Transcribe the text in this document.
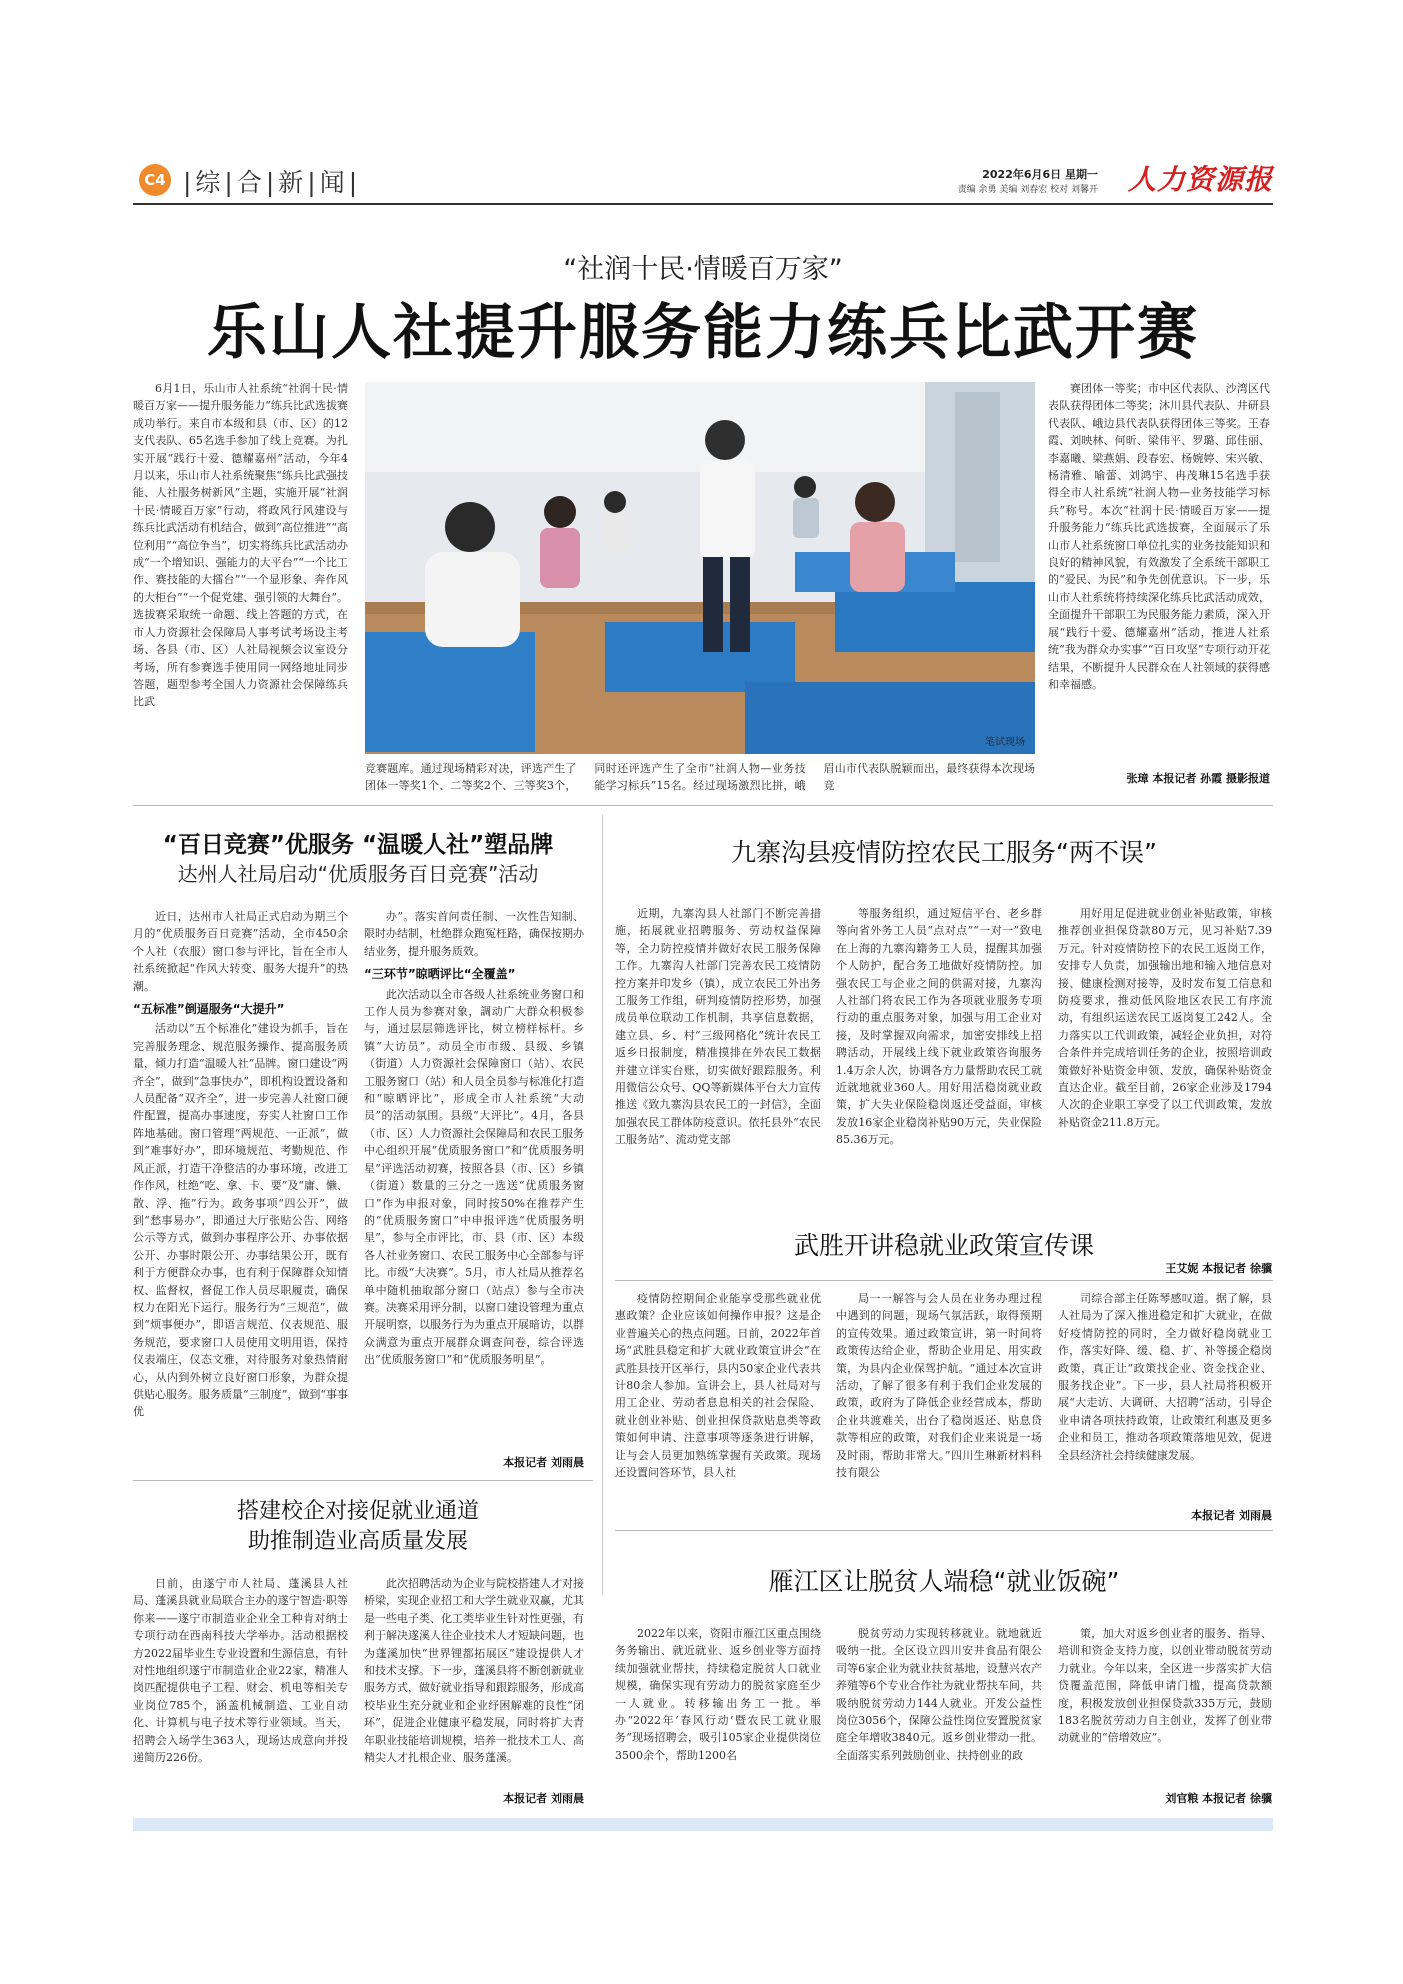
C4 |综|合|新|闻|	2022年6月6日 星期一
责编 余勇 美编 刘春宏 校对 刘馨开 人力资源报
“社润十民·情暖百万家”
乐山人社提升服务能力练兵比武开赛
6月1日，乐山市人社系统“社润十民·情暖百万家——提升服务能力”练兵比武选拔赛成功举行。来自市本级和县（市、区）的12支代表队、65名选手参加了线上竞赛。为扎实开展“践行十爱、德耀嘉州”活动，今年4月以来，乐山市人社系统聚焦“练兵比武强技能、人社服务树新风”主题，实施开展“社润十民·情暖百万家”行动，将政风行风建设与练兵比武活动有机结合，做到“高位推进”“高位利用”“高位争当”，切实将练兵比武活动办成“一个增知识、强能力的大平台”“一个比工作、赛技能的大擂台”“一个显形象、奔作风的大柜台”“一个促党建、强引领的大舞台”。选拔赛采取统一命题、线上答题的方式，在市人力资源社会保障局人事考试考场设主考场、各县（市、区）人社局视频会议室设分考场，所有参赛选手使用同一网络地址同步答题，题型参考全国人力资源社会保障练兵比武
笔试现场
竞赛题库。通过现场精彩对决，评选产生了团体一等奖1个、二等奖2个、三等奖3个，同时还评选产生了全市“社润人物—业务技能学习标兵”15名。经过现场激烈比拼，峨眉山市代表队脱颖而出，最终获得本次现场竞
赛团体一等奖；市中区代表队、沙湾区代表队获得团体二等奖；沐川县代表队、井研县代表队、峨边县代表队获得团体三等奖。王春霞、刘映林、何昕、梁伟平、罗璐、邱佳丽、李嘉曦、梁燕娟、段春宏、杨婉婷、宋兴敏、杨清雅、喻蕾、刘鸿宇、冉茂琳15名选手获得全市人社系统“社润人物—业务技能学习标兵”称号。本次“社润十民·情暖百万家——提升服务能力”练兵比武选拔赛，全面展示了乐山市人社系统窗口单位扎实的业务技能知识和良好的精神风貌，有效激发了全系统干部职工的“爱民、为民”和争先创优意识。下一步，乐山市人社系统将持续深化练兵比武活动成效，全面提升干部职工为民服务能力素质，深入开展“践行十爱、德耀嘉州”活动，推进人社系统“我为群众办实事”“百日攻坚”专项行动开花结果，不断提升人民群众在人社领域的获得感和幸福感。
张璋 本报记者 孙霞 摄影报道
“百日竞赛”优服务 “温暖人社”塑品牌
达州人社局启动“优质服务百日竞赛”活动

近日，达州市人社局正式启动为期三个月的“优质服务百日竞赛”活动，全市450余个人社（农服）窗口参与评比，旨在全市人社系统掀起“作风大转变、服务大提升”的热潮。

“五标准”倒逼服务“大提升”

活动以“五个标准化”建设为抓手，旨在完善服务理念、规范服务操作、提高服务质量，倾力打造“温暖人社”品牌。窗口建设“两齐全”，做到“急事快办”，即机构设置设备和人员配备“双齐全”，进一步完善人社窗口硬件配置，提高办事速度，夯实人社窗口工作阵地基础。窗口管理“两规范、一正派”，做到“难事好办”，即环境规范、考勤规范、作风正派，打造干净整洁的办事环境，改进工作作风，杜绝“吃、拿、卡、要”及“庸、懒、散、浮、拖”行为。政务事项“四公开”，做到“愁事易办”，即通过大厅张贴公告、网络公示等方式，做到办事程序公开、办事依据公开、办事时限公开、办事结果公开，既有利于方便群众办事，也有利于保障群众知情权、监督权，督促工作人员尽职履责，确保权力在阳光下运行。服务行为“三规范”，做到“烦事便办”，即语言规范、仪表规范、服务规范，要求窗口人员使用文明用语，保持仪表端庄，仪态文雅，对待服务对象热情耐心，从内到外树立良好窗口形象，为群众提供贴心服务。服务质量“三制度”，做到“事事优

办”。落实首问责任制、一次性告知制、限时办结制，杜绝群众跑冤枉路，确保按期办结业务，提升服务质效。

“三环节”晾晒评比“全覆盖”

此次活动以全市各级人社系统业务窗口和工作人员为参赛对象，調动广大群众积极参与，通过层层筛选评比，树立榜样标杆。乡镇“大访员”。动员全市市级、县级、乡镇（街道）人力资源社会保障窗口（站）、农民工服务窗口（站）和人员全员参与标准化打造和“晾晒评比”，形成全市人社系统“大动员”的活动氛围。县级“大评比”。4月，各县（市、区）人力资源社会保障局和农民工服务中心组织开展“优质服务窗口”和“优质服务明星”评选活动初赛，按照各县（市、区）乡镇（街道）数量的三分之一选送“优质服务窗口”作为申报对象，同时按50%在推荐产生的“优质服务窗口”中申报评选“优质服务明星”，参与全市评比，市、县（市、区）本级各人社业务窗口、农民工服务中心全部参与评比。市级“大决赛”。5月，市人社局从推荐名单中随机抽取部分窗口（站点）参与全市决赛。决赛采用评分制，以窗口建设管理为重点开展明察，以服务行为为重点开展暗访，以群众满意为重点开展群众调查问卷，综合评选出“优质服务窗口”和“优质服务明星”。

本报记者 刘雨晨
搭建校企对接促就业通道
助推制造业高质量发展
日前，由遂宁市人社局、蓬溪县人社局、蓬溪县就业局联合主办的遂宁智造·职等你来——遂宁市制造业企业全工种肯对纳士专项行动在西南科技大学举办。活动根据校方2022届毕业生专业设置和生源信息，有针对性地组织遂宁市制造业企业22家，精准人岗匹配提供电子工程、财会、机电等相关专业岗位785个，涵盖机械制造、工业自动化、计算机与电子技术等行业领域。当天，招聘会入场学生363人，现场达成意向并投递简历226份。
此次招聘活动为企业与院校搭建人才对接桥梁，实现企业招工和大学生就业双赢，尤其是一些电子类、化工类毕业生针对性更强，有利于解决遂溪人往企业技术人才短缺问题，也为蓬溪加快“世界锂都拓展区”建设提供人才和技术支撑。下一步，蓬溪县将不断创新就业服务方式，做好就业指导和跟踪服务，形成高校毕业生充分就业和企业纾困解难的良性“闭环”，促进企业健康平稳发展，同时将扩大青年职业技能培训规模，培养一批技术工人、高精尖人才扎根企业、服务蓬溪。
本报记者 刘雨晨
九寨沟县疫情防控农民工服务“两不误”
近期，九寨沟县人社部门不断完善措施，拓展就业招聘服务、劳动权益保障等，全力防控疫情并做好农民工服务保障工作。九寨沟人社部门完善农民工疫情防控方案并印发乡（镇），成立农民工外出务工服务工作组，研判疫情防控形势，加强成员单位联动工作机制，共享信息数据，建立县、乡、村“三级网格化”统计农民工返乡日报制度，精准摸排在外农民工数据并建立详实台账，切实做好跟踪服务。利用微信公众号、QQ等新媒体平台大力宣传推送《致九寨沟县农民工的一封信》，全面加强农民工群体防疫意识。依托县外“农民工服务站”、流动党支部
等服务组织，通过短信平台、老乡群等向省外务工人员“点对点”“一对一”致电在上海的九寨沟籍务工人员，提醒其加强个人防护，配合务工地做好疫情防控。加强农民工与企业之间的供需对接，九寨沟人社部门将农民工作为各项就业服务专项行动的重点服务对象，加强与用工企业对接，及时掌握双向需求，加密安排线上招聘活动，开展线上线下就业政策咨询服务1.4万余人次，协调各方力量帮助农民工就近就地就业360人。用好用活稳岗就业政策，扩大失业保险稳岗返还受益面，审核发放16家企业稳岗补贴90万元，失业保险85.36万元。
用好用足促进就业创业补贴政策，审核推荐创业担保贷款80万元，见习补贴7.39万元。针对疫情防控下的农民工返岗工作，安排专人负责，加强输出地和输入地信息对接、健康检测对接等，及时发布复工信息和防疫要求，推动低风险地区农民工有序流动，有组织运送农民工返岗复工242人。全力落实以工代训政策，减轻企业负担，对符合条件并完成培训任务的企业，按照培训政策做好补贴资金申领、发放，确保补贴资金直达企业。截至目前，26家企业涉及1794人次的企业职工享受了以工代训政策，发放补贴资金211.8万元。
王艾妮 本报记者 徐骥
武胜开讲稳就业政策宣传课
疫情防控期间企业能享受那些就业优惠政策？企业应该如何操作申报？这是企业普遍关心的热点问题。日前，2022年首场“武胜县稳定和扩大就业政策宣讲会”在武胜县技开区举行，县内50家企业代表共计80余人参加。宣讲会上，县人社局对与用工企业、劳动者息息相关的社会保险、就业创业补贴、创业担保贷款贴息类等政策如何申请、注意事项等逐条进行讲解，让与会人员更加熟练掌握有关政策。现场还设置问答环节，县人社
局一一解答与会人员在业务办理过程中遇到的问题，现场气氛活跃，取得预期的宣传效果。通过政策宣讲，第一时间将政策传达给企业，帮助企业用足、用实政策，为县内企业保驾护航。“通过本次宣讲活动，了解了很多有利于我们企业发展的政策，政府为了降低企业经营成本，帮助企业共渡难关，出台了稳岗返还、贴息贷款等相应的政策，对我们企业来说是一场及时雨，帮助非常大。”四川生琳新材料科技有限公
司综合部主任陈琴感叹道。据了解，县人社局为了深入推进稳定和扩大就业，在做好疫情防控的同时，全力做好稳岗就业工作，落实好降、缓、稳、扩、补等援企稳岗政策，真正让“政策找企业、资金找企业、服务找企业”。下一步，县人社局将积极开展“大走访、大调研、大招聘”活动，引导企业申请各项扶持政策，让政策红利惠及更多企业和员工，推动各项政策落地见效，促进全县经济社会持续健康发展。
本报记者 刘雨晨
雁江区让脱贫人端稳“就业饭碗”
2022年以来，资阳市雁江区重点围绕务务输出、就近就业、返乡创业等方面持续加强就业帮扶，持续稳定脱贫人口就业规模，确保实现有劳动力的脱贫家庭至少一人就业。转移输出务工一批。举办“2022年‘春风行动’暨农民工就业服务”现场招聘会，吸引105家企业提供岗位3500余个，帮助1200名
脱贫劳动力实现转移就业。就地就近吸纳一批。全区设立四川安井食品有限公司等6家企业为就业扶贫基地，设慧兴农产养殖等6个专业合作社为就业帮扶车间，共吸纳脱贫劳动力144人就业。开发公益性岗位3056个，保障公益性岗位安置脱贫家庭全年增收3840元。返乡创业带动一批。全面落实系列鼓励创业、扶持创业的政
策，加大对返乡创业者的服务、指导、培训和资金支持力度，以创业带动脱贫劳动力就业。今年以来，全区进一步落实扩大信贷覆盖范围，降低申请门槛，提高贷款额度，积极发放创业担保贷款335万元，鼓励183名脱贫劳动力自主创业，发挥了创业带动就业的“倍增效应”。
刘官粮 本报记者 徐骥
